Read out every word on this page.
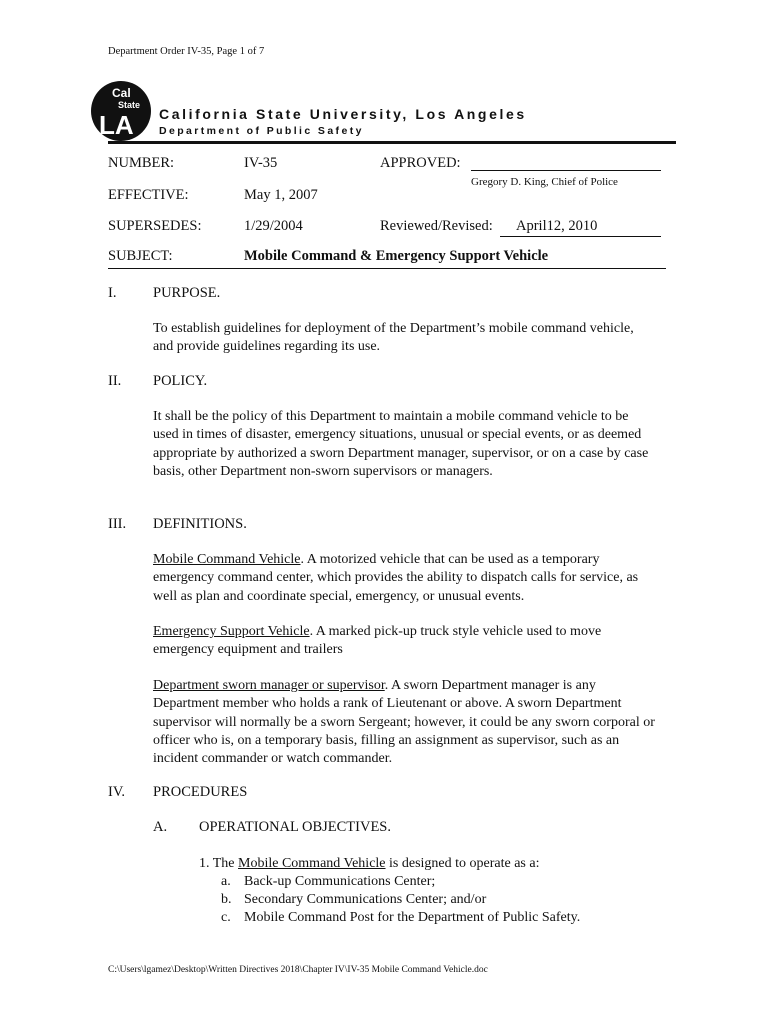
Department Order IV-35, Page 1 of 7
Cal
State
LA California State University, Los Angeles
Department of Public Safety
NUMBER:	IV-35	APPROVED:
Gregory D. King, Chief of Police
EFFECTIVE:	May 1, 2007
SUPERSEDES:	1/29/2004	Reviewed/Revised: April12, 2010
SUBJECT:	Mobile Command & Emergency Support Vehicle
I.	PURPOSE.
To establish guidelines for deployment of the Department’s mobile command vehicle, and provide guidelines regarding its use.
II. POLICY.
It shall be the policy of this Department to maintain a mobile command vehicle to be used in times of disaster, emergency situations, unusual or special events, or as deemed appropriate by authorized a sworn Department manager, supervisor, or on a case by case basis, other Department non-sworn supervisors or managers.
III. DEFINITIONS.
Mobile Command Vehicle. A motorized vehicle that can be used as a temporary emergency command center, which provides the ability to dispatch calls for service, as well as plan and coordinate special, emergency, or unusual events.
Emergency Support Vehicle. A marked pick-up truck style vehicle used to move emergency equipment and trailers
Department sworn manager or supervisor. A sworn Department manager is any Department member who holds a rank of Lieutenant or above. A sworn Department supervisor will normally be a sworn Sergeant; however, it could be any sworn corporal or officer who is, on a temporary basis, filling an assignment as supervisor, such as an incident commander or watch commander.
IV. PROCEDURES
A. OPERATIONAL OBJECTIVES.
1. The Mobile Command Vehicle is designed to operate as a:
a. Back-up Communications Center;
b. Secondary Communications Center; and/or
c. Mobile Command Post for the Department of Public Safety.
C:\Users\lgamez\Desktop\Written Directives 2018\Chapter IV\IV-35 Mobile Command Vehicle.doc
